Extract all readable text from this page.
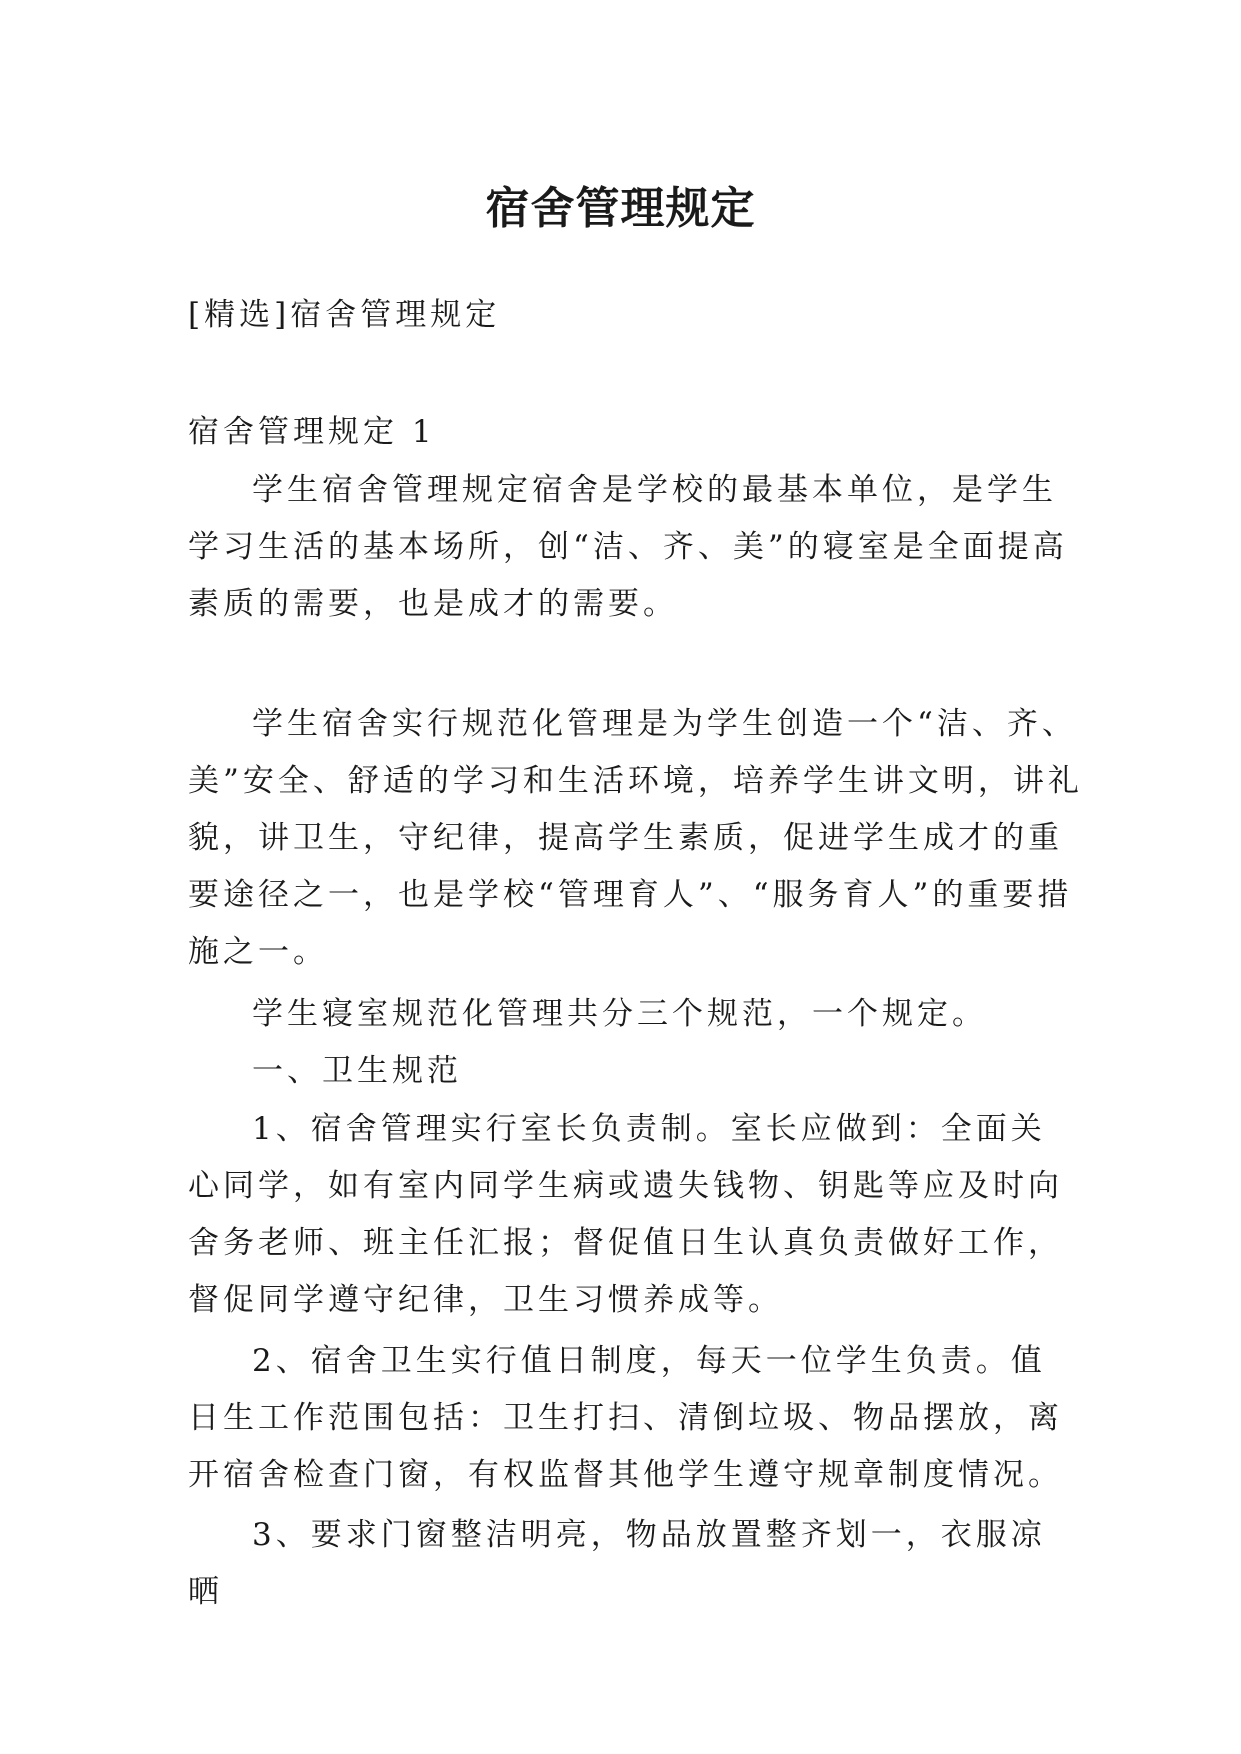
宿舍管理规定

[精选]宿舍管理规定

宿舍管理规定 1

学生宿舍管理规定宿舍是学校的最基本单位，是学生学习生活的基本场所，创“洁、齐、美”的寝室是全面提高素质的需要，也是成才的需要。

学生宿舍实行规范化管理是为学生创造一个“洁、齐、美”安全、舒适的学习和生活环境，培养学生讲文明，讲礼貌，讲卫生，守纪律，提高学生素质，促进学生成才的重要途径之一，也是学校“管理育人”、“服务育人”的重要措施之一。

学生寝室规范化管理共分三个规范，一个规定。

一、卫生规范

1、宿舍管理实行室长负责制。室长应做到：全面关心同学，如有室内同学生病或遗失钱物、钥匙等应及时向舍务老师、班主任汇报；督促值日生认真负责做好工作，督促同学遵守纪律，卫生习惯养成等。

2、宿舍卫生实行值日制度，每天一位学生负责。值日生工作范围包括：卫生打扫、清倒垃圾、物品摆放，离开宿舍检查门窗，有权监督其他学生遵守规章制度情况。

3、要求门窗整洁明亮，物品放置整齐划一，衣服凉晒
